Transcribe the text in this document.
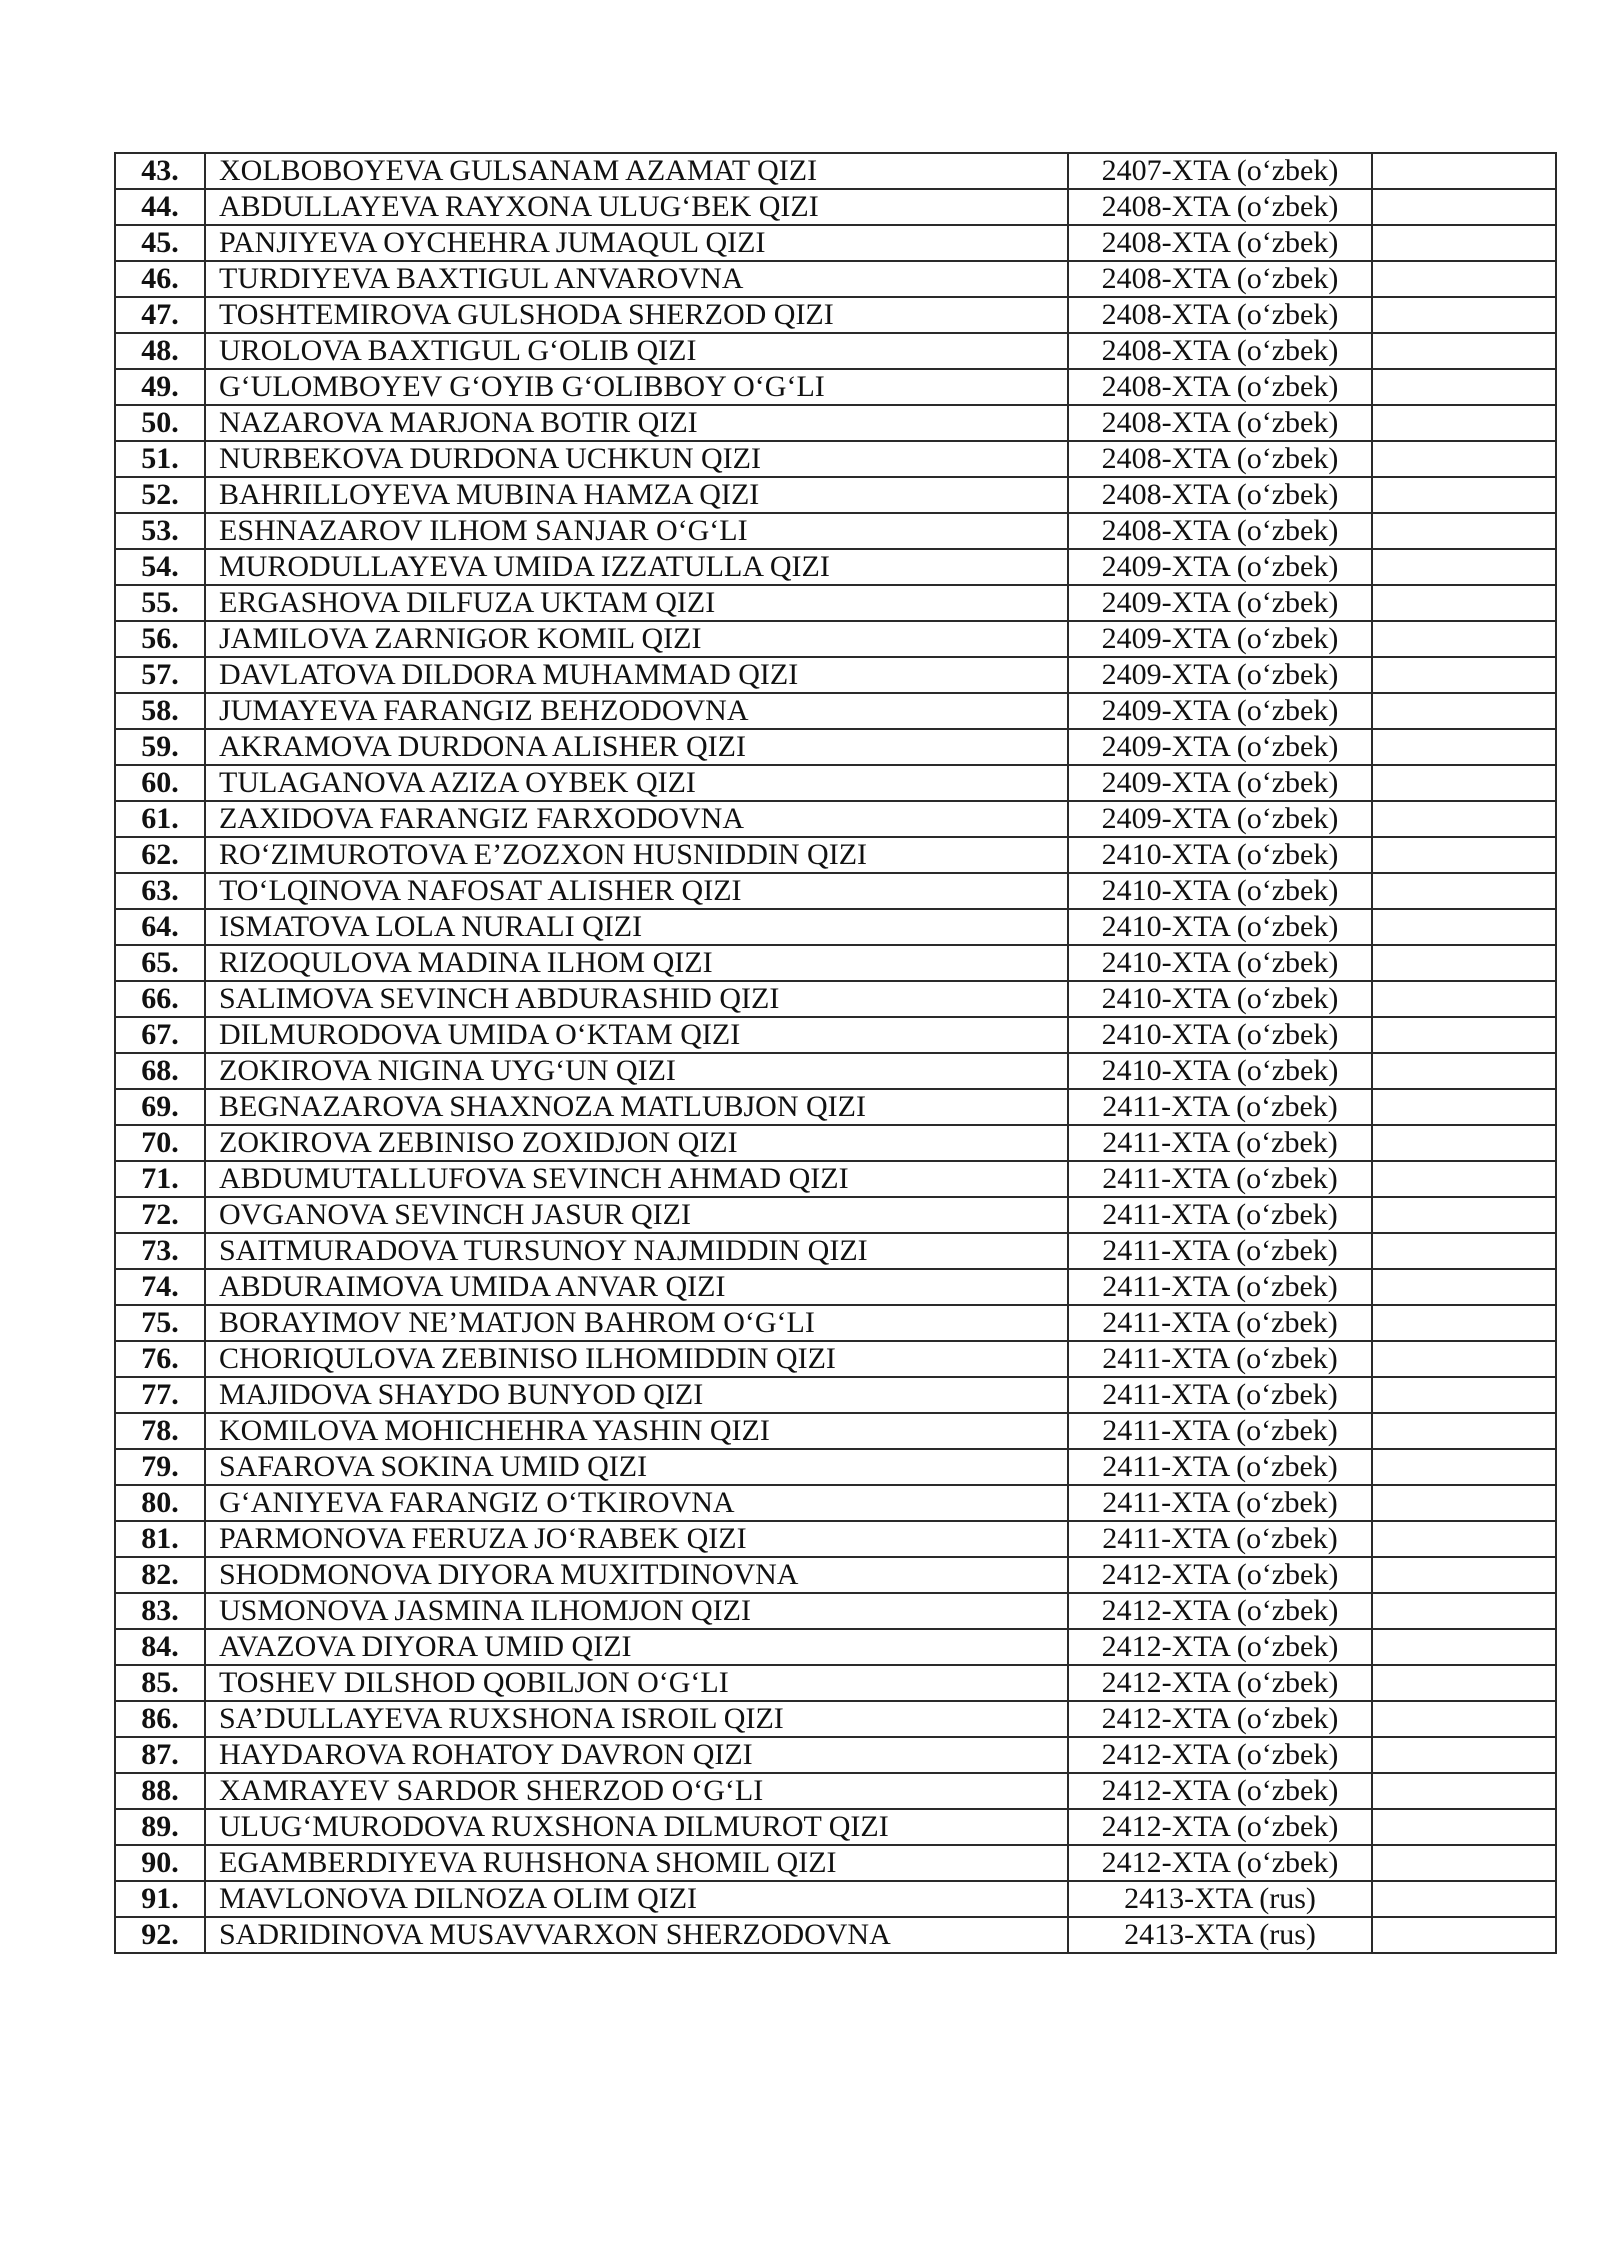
43.	XOLBOBOYEVA GULSANAM AZAMAT QIZI	2407-XTA (o‘zbek)	
44.	ABDULLAYEVA RAYXONA ULUG‘BEK QIZI	2408-XTA (o‘zbek)	
45.	PANJIYEVA OYCHEHRA JUMAQUL QIZI	2408-XTA (o‘zbek)	
46.	TURDIYEVA BAXTIGUL ANVAROVNA	2408-XTA (o‘zbek)	
47.	TOSHTEMIROVA GULSHODA SHERZOD QIZI	2408-XTA (o‘zbek)	
48.	UROLOVA BAXTIGUL G‘OLIB QIZI	2408-XTA (o‘zbek)	
49.	G‘ULOMBOYEV G‘OYIB G‘OLIBBOY O‘G‘LI	2408-XTA (o‘zbek)	
50.	NAZAROVA MARJONA BOTIR QIZI	2408-XTA (o‘zbek)	
51.	NURBEKOVA DURDONA UCHKUN QIZI	2408-XTA (o‘zbek)	
52.	BAHRILLOYEVA MUBINA HAMZA QIZI	2408-XTA (o‘zbek)	
53.	ESHNAZAROV ILHOM SANJAR O‘G‘LI	2408-XTA (o‘zbek)	
54.	MURODULLAYEVA UMIDA IZZATULLA QIZI	2409-XTA (o‘zbek)	
55.	ERGASHOVA DILFUZA UKTAM QIZI	2409-XTA (o‘zbek)	
56.	JAMILOVA ZARNIGOR KOMIL QIZI	2409-XTA (o‘zbek)	
57.	DAVLATOVA DILDORA MUHAMMAD QIZI	2409-XTA (o‘zbek)	
58.	JUMAYEVA FARANGIZ BEHZODOVNA	2409-XTA (o‘zbek)	
59.	AKRAMOVA DURDONA ALISHER QIZI	2409-XTA (o‘zbek)	
60.	TULAGANOVA AZIZA OYBEK QIZI	2409-XTA (o‘zbek)	
61.	ZAXIDOVA FARANGIZ FARXODOVNA	2409-XTA (o‘zbek)	
62.	RO‘ZIMUROTOVA E’ZOZXON HUSNIDDIN QIZI	2410-XTA (o‘zbek)	
63.	TO‘LQINOVA NAFOSAT ALISHER QIZI	2410-XTA (o‘zbek)	
64.	ISMATOVA LOLA NURALI QIZI	2410-XTA (o‘zbek)	
65.	RIZOQULOVA MADINA ILHOM QIZI	2410-XTA (o‘zbek)	
66.	SALIMOVA SEVINCH ABDURASHID QIZI	2410-XTA (o‘zbek)	
67.	DILMURODOVA UMIDA O‘KTAM QIZI	2410-XTA (o‘zbek)	
68.	ZOKIROVA NIGINA UYG‘UN QIZI	2410-XTA (o‘zbek)	
69.	BEGNAZAROVA SHAXNOZA MATLUBJON QIZI	2411-XTA (o‘zbek)	
70.	ZOKIROVA ZEBINISO ZOXIDJON QIZI	2411-XTA (o‘zbek)	
71.	ABDUMUTALLUFOVA SEVINCH AHMAD QIZI	2411-XTA (o‘zbek)	
72.	OVGANOVA SEVINCH JASUR QIZI	2411-XTA (o‘zbek)	
73.	SAITMURADOVA TURSUNOY NAJMIDDIN QIZI	2411-XTA (o‘zbek)	
74.	ABDURAIMOVA UMIDA ANVAR QIZI	2411-XTA (o‘zbek)	
75.	BORAYIMOV NE’MATJON BAHROM O‘G‘LI	2411-XTA (o‘zbek)	
76.	CHORIQULOVA ZEBINISO ILHOMIDDIN QIZI	2411-XTA (o‘zbek)	
77.	MAJIDOVA SHAYDO BUNYOD QIZI	2411-XTA (o‘zbek)	
78.	KOMILOVA MOHICHEHRA YASHIN QIZI	2411-XTA (o‘zbek)	
79.	SAFAROVA SOKINA UMID QIZI	2411-XTA (o‘zbek)	
80.	G‘ANIYEVA FARANGIZ O‘TKIROVNA	2411-XTA (o‘zbek)	
81.	PARMONOVA FERUZA JO‘RABEK QIZI	2411-XTA (o‘zbek)	
82.	SHODMONOVA DIYORA MUXITDINOVNA	2412-XTA (o‘zbek)	
83.	USMONOVA JASMINA ILHOMJON QIZI	2412-XTA (o‘zbek)	
84.	AVAZOVA DIYORA UMID QIZI	2412-XTA (o‘zbek)	
85.	TOSHEV DILSHOD QOBILJON O‘G‘LI	2412-XTA (o‘zbek)	
86.	SA’DULLAYEVA RUXSHONA ISROIL QIZI	2412-XTA (o‘zbek)	
87.	HAYDAROVA ROHATOY DAVRON QIZI	2412-XTA (o‘zbek)	
88.	XAMRAYEV SARDOR SHERZOD O‘G‘LI	2412-XTA (o‘zbek)	
89.	ULUG‘MURODOVA RUXSHONA DILMUROT QIZI	2412-XTA (o‘zbek)	
90.	EGAMBERDIYEVA RUHSHONA SHOMIL QIZI	2412-XTA (o‘zbek)	
91.	MAVLONOVA DILNOZA OLIM QIZI	2413-XTA (rus)	
92.	SADRIDINOVA MUSAVVARXON SHERZODOVNA	2413-XTA (rus)	
